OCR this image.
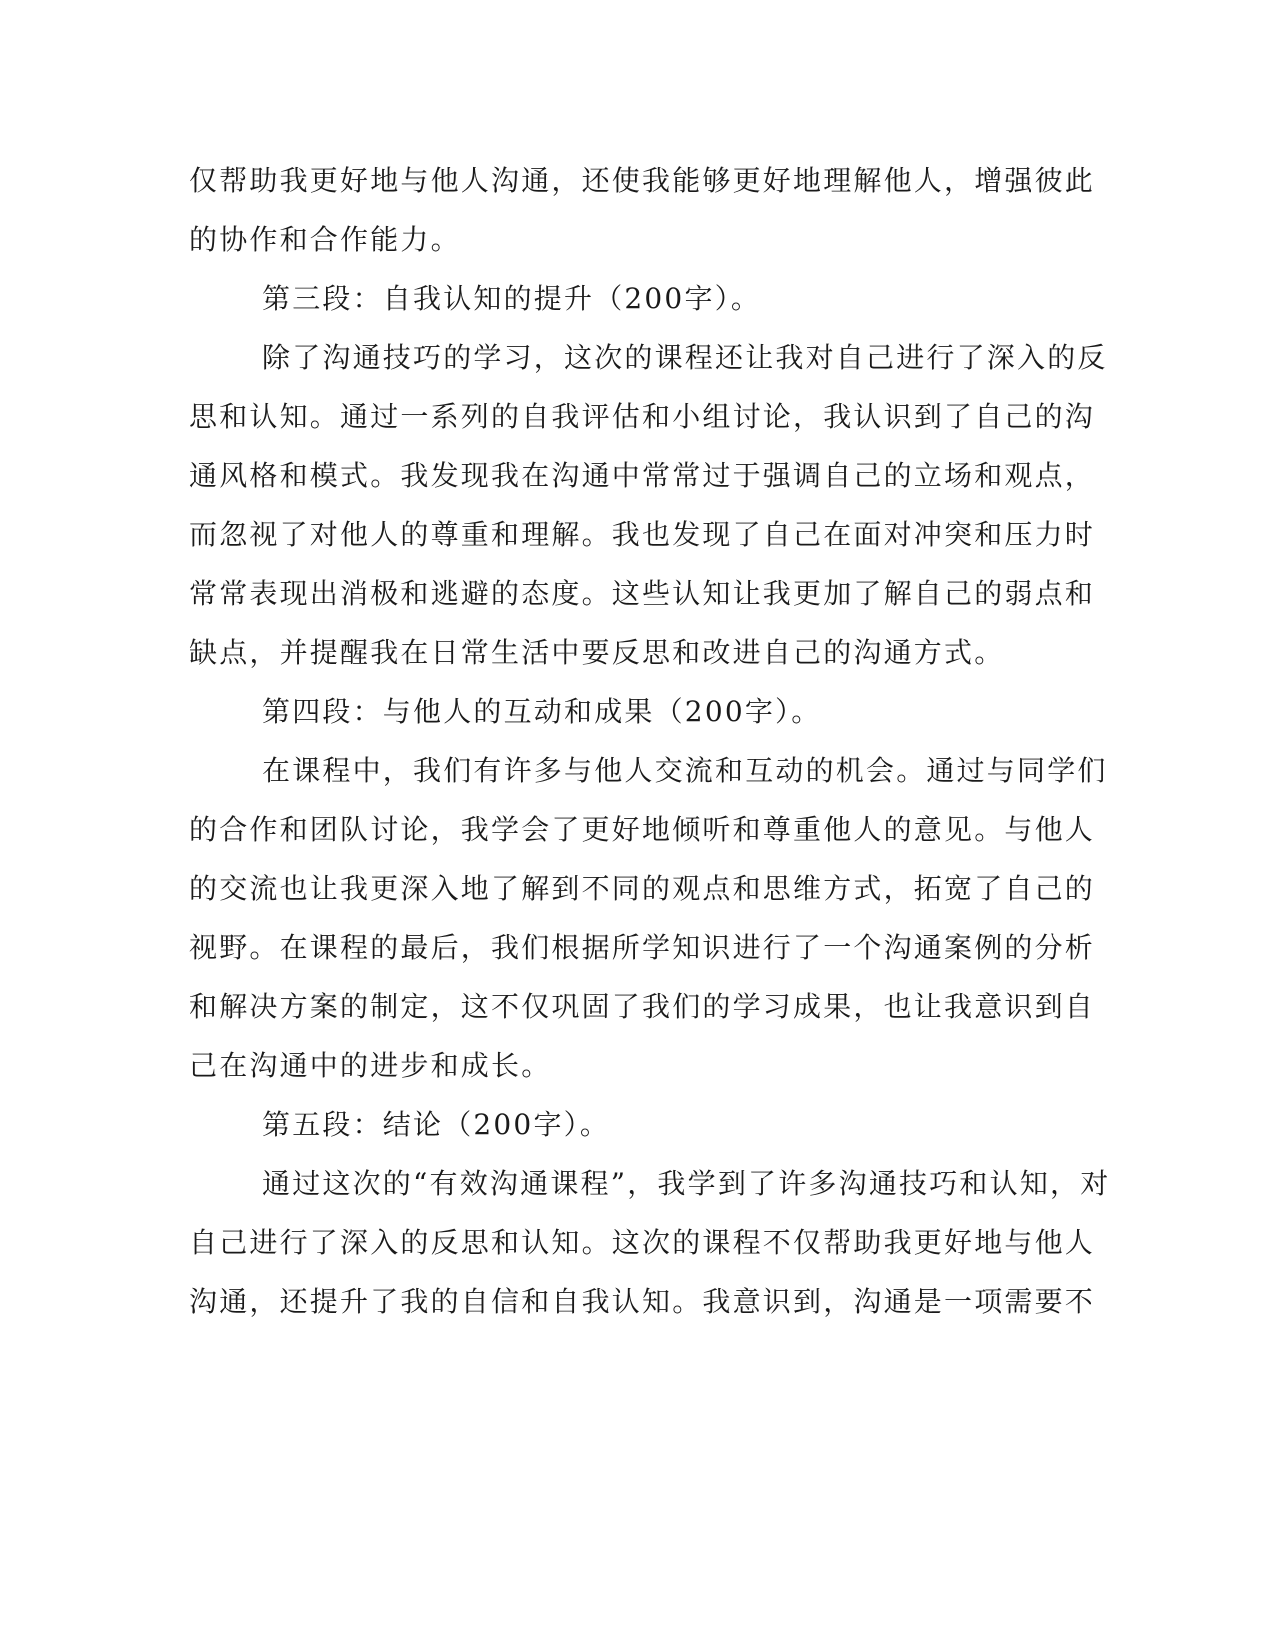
仅帮助我更好地与他人沟通，还使我能够更好地理解他人，增强彼此
的协作和合作能力。
第三段：自我认知的提升（200字）。
除了沟通技巧的学习，这次的课程还让我对自己进行了深入的反
思和认知。通过一系列的自我评估和小组讨论，我认识到了自己的沟
通风格和模式。我发现我在沟通中常常过于强调自己的立场和观点，
而忽视了对他人的尊重和理解。我也发现了自己在面对冲突和压力时
常常表现出消极和逃避的态度。这些认知让我更加了解自己的弱点和
缺点，并提醒我在日常生活中要反思和改进自己的沟通方式。
第四段：与他人的互动和成果（200字）。
在课程中，我们有许多与他人交流和互动的机会。通过与同学们
的合作和团队讨论，我学会了更好地倾听和尊重他人的意见。与他人
的交流也让我更深入地了解到不同的观点和思维方式，拓宽了自己的
视野。在课程的最后，我们根据所学知识进行了一个沟通案例的分析
和解决方案的制定，这不仅巩固了我们的学习成果，也让我意识到自
己在沟通中的进步和成长。
第五段：结论（200字）。
通过这次的“有效沟通课程”，我学到了许多沟通技巧和认知，对
自己进行了深入的反思和认知。这次的课程不仅帮助我更好地与他人
沟通，还提升了我的自信和自我认知。我意识到，沟通是一项需要不
